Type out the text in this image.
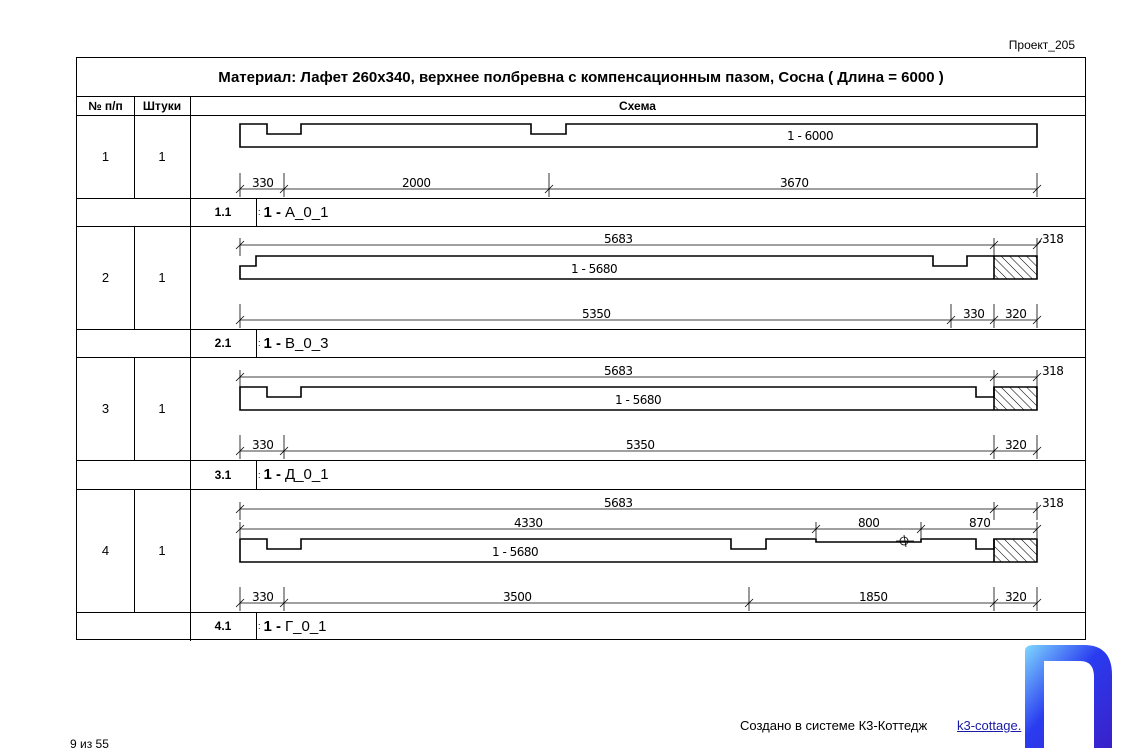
Проект_205
Материал: Лафет 260х340, верхнее полбревна с компенсационным пазом, Сосна ( Длина = 6000 )
№ п/п	Штуки	Схема
1	1
1 - 6000
330	2000	3670
1.1	: 1 - А_0_1
2	1
5683	318
1 - 5680
5350	330 320
2.1	: 1 - В_0_3
3	1
5683	318
1 - 5680
330	5350	320
3.1	: 1 - Д_0_1
4	1
5683	318
4330	800	870
1 - 5680
330	3500	1850	320
4.1	: 1 - Г_0_1
Создано в системе К3-Коттедж k3-cottage.
9 из 55
